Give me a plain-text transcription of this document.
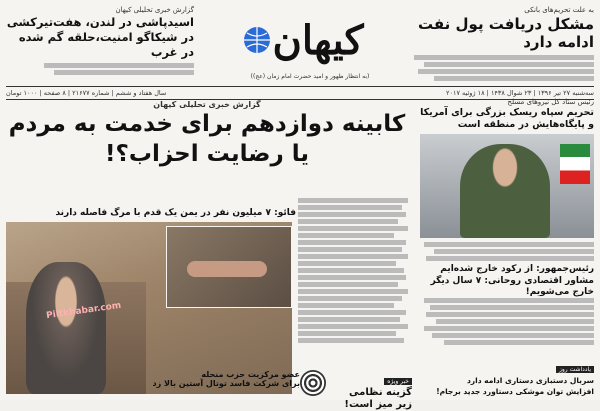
به علت تحریم‌های بانکی
مشکل دریافت پول نفت ادامه دارد
کیهان
(به انتظار ظهور و امید حضرت امام زمان (عج))
گزارش خبری تحلیلی کیهان
اسیدپاشی در لندن، هفت‌تیرکشی در شیکاگو امنیت،حلقه گم شده در غرب
سال هفتاد و ششم | شماره ۲۱۶۷۷ | ۸ صفحه | ۱۰۰۰ تومان	سه‌شنبه ۲۷ تیر ۱۳۹۶ | ۲۳ شوال ۱۴۳۸ | ۱۸ ژوئیه ۲۰۱۷
گزارش خبری تحلیلی کیهان
کابینه دوازدهم برای خدمت به مردم
یا رضایت احزاب؟!
فائو: ۷ میلیون نفر در یمن یک قدم با مرگ فاصله دارند
Piltkhabar.com
خبر ویژه
گزینه نظامی زیر میز است!
عضو مرکزیت حزب منحله
برای شرکت فاسد توتال آستین بالا زد
رئیس ستاد کل نیروهای مسلح
تحریم سپاه ریسک بزرگی برای آمریکا و پایگاه‌هایش در منطقه است
رئیس‌جمهور: از رکود خارج شده‌ایم مشاور اقتصادی روحانی: ۷ سال دیگر خارج می‌شویم!
یادداشت روز
سربال دستبازی دستاری ادامه دارد
افزایش توان موشکی دستاورد جدید برجام!
